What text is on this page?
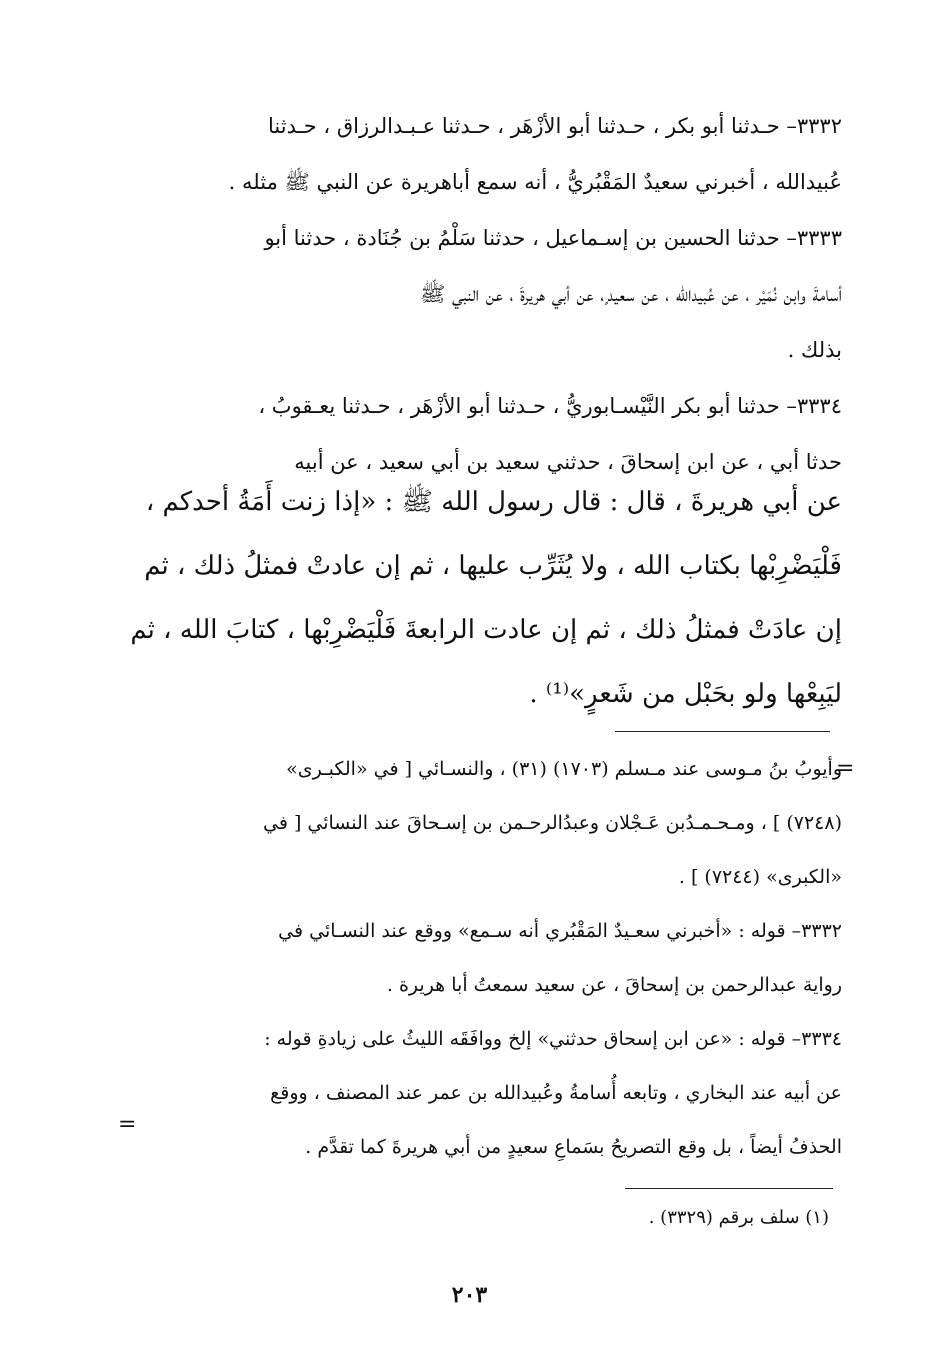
٣٣٣٢– حـدثنا أبو بكر ، حـدثنا أبو الأزْهَر ، حـدثنا عـبـدالرزاق ، حـدثنا
عُبيدالله ، أخبرني سعيدٌ المَقْبُريُّ ، أنه سمع أباهريرة عن النبي ﷺ مثله .
٣٣٣٣– حدثنا الحسين بن إسـماعيل ، حدثنا سَلْمُ بن جُنَادة ، حدثنا أبو
أسامةَ وابن نُمَيْر ، عن عُبيدالله ، عن سعيد ٍ، عن أبي هريرةَ ، عن النبي ﷺ
بذلك .
٣٣٣٤– حدثنا أبو بكر النَّيْسـابوريُّ ، حـدثنا أبو الأزْهَر ، حـدثنا يعـقوبُ ،
حدثا أبي ، عن ابن إسحاقَ ، حدثني سعيد بن أبي سعيد ، عن أبيه
عن أبي هريرةَ ، قال : قال رسول الله ﷺ : «إذا زنت أَمَةُ أحدكم ،
فَلْيَضْرِبْها بكتاب الله ، ولا يُثَرِّب عليها ، ثم إن عادتْ فمثلُ ذلك ، ثم
إن عادَتْ فمثلُ ذلك ، ثم إن عادت الرابعةَ فَلْيَضْرِبْها ، كتابَ الله ، ثم
ليَبِعْها ولو بحَبْل من شَعرٍ»⁽¹⁾ .
=
وأيوبُ بنُ مـوسى عند مـسلم (١٧٠٣) (٣١) ، والنسـائي [ في «الكبـرى»
(٧٢٤٨) ] ، ومـحـمـدُبن عَـجْلان وعبدُالرحـمن بن إسـحاقَ عند النسائي [ في
«الكبرى» (٧٢٤٤) ] .
٣٣٣٢– قوله : «أخبرني سعـيدٌ المَقْبُري أنه سـمع» ووقع عند النسـائي في
رواية عبدالرحمن بن إسحاقَ ، عن سعيد سمعتُ أبا هريرة .
٣٣٣٤– قوله : «عن ابن إسحاق حدثني» إلخ ووافَقَه الليثُ على زيادةِ قوله :
عن أبيه عند البخاري ، وتابعه أُسامةُ وعُبيدالله بن عمر عند المصنف ، ووقع
الحذفُ أيضاً ، بل وقع التصريحُ بسَماعِ سعيدٍ من أبي هريرةَ كما تقدَّم .
=
(١) سلف برقم (٣٣٢٩) .
٢٠٣
